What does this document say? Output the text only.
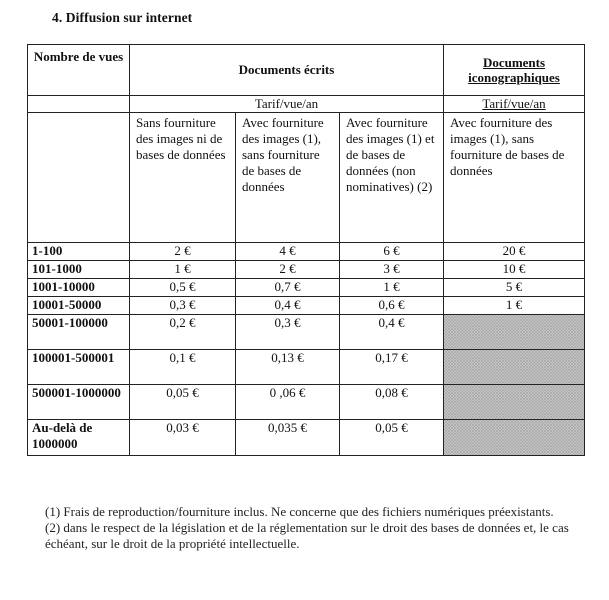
4. Diffusion sur internet
Nombre de vues	Documents écrits			Documents iconographiques
	Tarif/vue/an			Tarif/vue/an
	Sans fourniture des images ni de bases de données	Avec fourniture des images (1), sans fourniture de bases de données	Avec fourniture des images (1) et de bases de données (non nominatives) (2)	Avec fourniture des images (1), sans fourniture de bases de données
1-100	2 €	4 €	6 €	20 €
101-1000	1 €	2 €	3 €	10 €
1001-10000	0,5 €	0,7 €	1 €	5 €
10001-50000	0,3 €	0,4 €	0,6 €	1 €
50001-100000	0,2 €	0,3 €	0,4 €	
100001-500001	0,1 €	0,13 €	0,17 €	
500001-1000000	0,05 €	0 ,06 €	0,08 €	
Au-delà de 1000000	0,03 €	0,035 €	0,05 €	

(1) Frais de reproduction/fourniture inclus. Ne concerne que des fichiers numériques préexistants.

(2) dans le respect de la législation et de la réglementation sur le droit des bases de données et, le cas échéant, sur le droit de la propriété intellectuelle.
